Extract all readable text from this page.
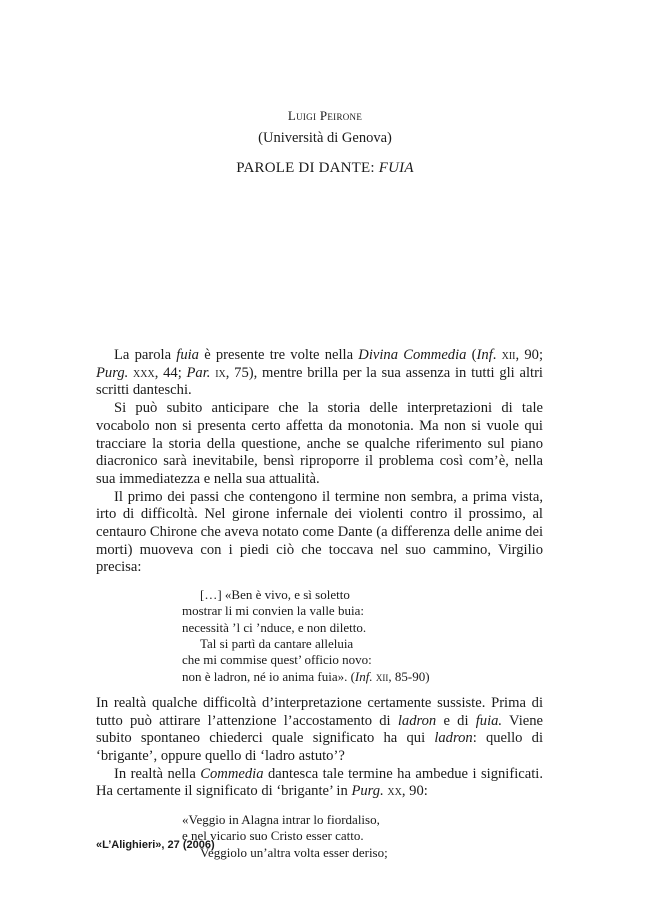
Luigi Peirone
(Università di Genova)
PAROLE DI DANTE: FUIA

La parola fuia è presente tre volte nella Divina Commedia (Inf. xii, 90; Purg. xxx, 44; Par. ix, 75), mentre brilla per la sua assenza in tutti gli altri scritti danteschi.

Si può subito anticipare che la storia delle interpretazioni di tale vocabolo non si presenta certo affetta da monotonia. Ma non si vuole qui tracciare la storia della questione, anche se qualche riferimento sul piano diacronico sarà inevitabile, bensì riproporre il problema così com’è, nella sua immediatezza e nella sua attualità.

Il primo dei passi che contengono il termine non sembra, a prima vista, irto di difficoltà. Nel girone infernale dei violenti contro il prossimo, al centauro Chirone che aveva notato come Dante (a differenza delle anime dei morti) muoveva con i piedi ciò che toccava nel suo cammino, Virgilio precisa:

[…] «Ben è vivo, e sì soletto
mostrar li mi convien la valle buia:
necessità ’l ci ’nduce, e non diletto.
Tal si partì da cantare alleluia
che mi commise quest’ officio novo:
non è ladron, né io anima fuia». (Inf. xii, 85-90)

In realtà qualche difficoltà d’interpretazione certamente sussiste. Prima di tutto può attirare l’attenzione l’accostamento di ladron e di fuia. Viene subito spontaneo chiederci quale significato ha qui ladron: quello di ‘brigante’, oppure quello di ‘ladro astuto’?

In realtà nella Commedia dantesca tale termine ha ambedue i significati. Ha certamente il significato di ‘brigante’ in Purg. xx, 90:

«Veggio in Alagna intrar lo fiordaliso,
e nel vicario suo Cristo esser catto.
Veggiolo un’altra volta esser deriso;
«L’Alighieri», 27 (2006)
